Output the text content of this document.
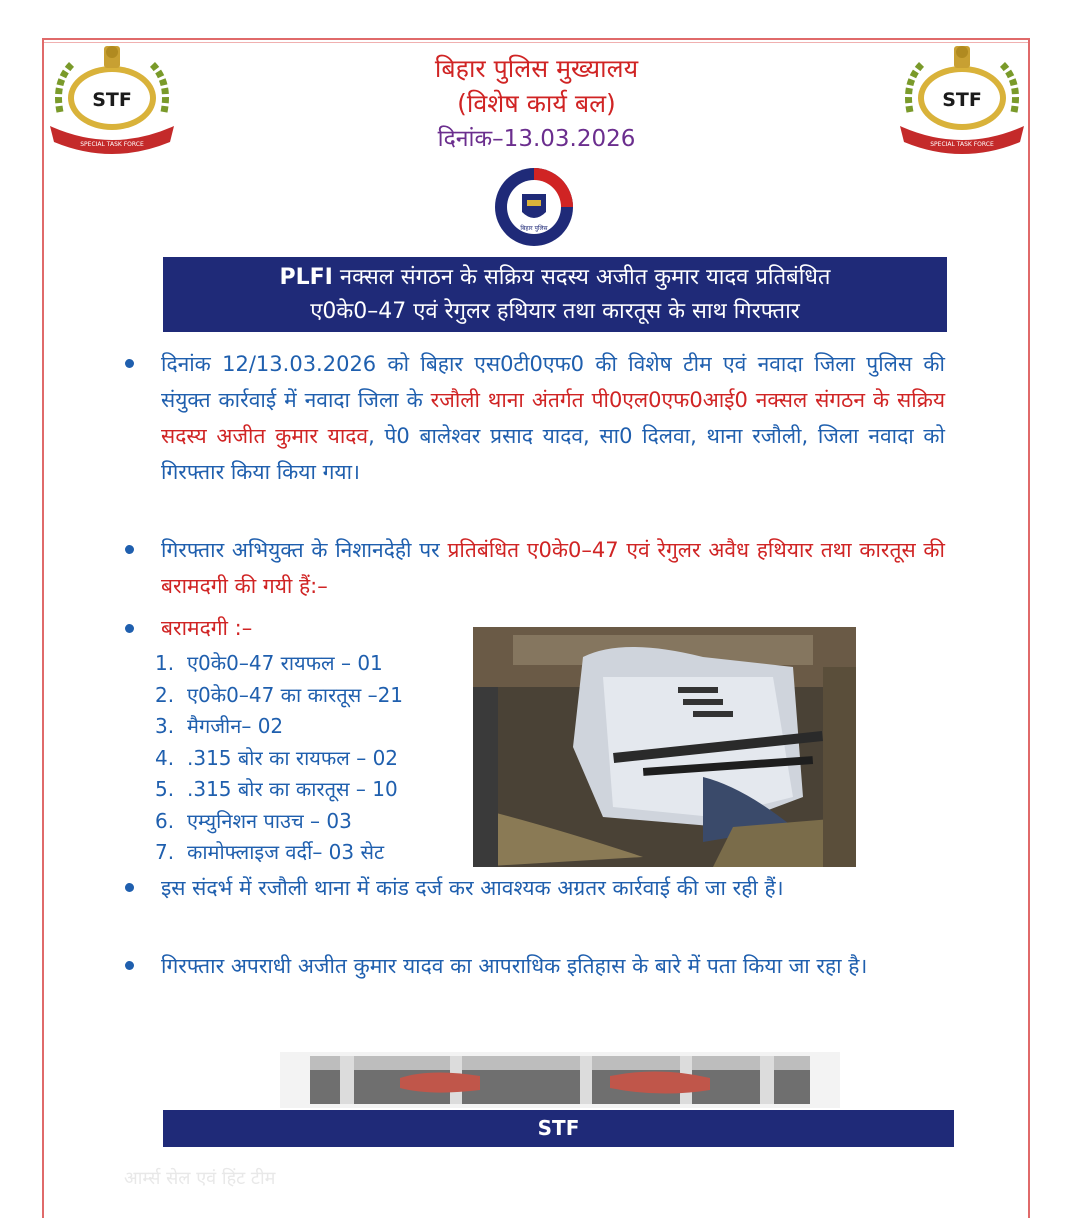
STF
SPECIAL TASK FORCE
STF
SPECIAL TASK FORCE
बिहार पुलिस मुख्यालय
(विशेष कार्य बल)
दिनांक–13.03.2026
बिहार पुलिस
PLFI नक्सल संगठन के सक्रिय सदस्य अजीत कुमार यादव प्रतिबंधित
ए0के0–47 एवं रेगुलर हथियार तथा कारतूस के साथ गिरफ्तार
दिनांक 12/13.03.2026 को बिहार एस0टी0एफ0 की विशेष टीम एवं नवादा जिला पुलिस की संयुक्त कार्रवाई में नवादा जिला के रजौली थाना अंतर्गत पी0एल0एफ0आई0 नक्सल संगठन के सक्रिय सदस्य अजीत कुमार यादव, पे0 बालेश्वर प्रसाद यादव, सा0 दिलवा, थाना रजौली, जिला नवादा को गिरफ्तार किया किया गया।
गिरफ्तार अभियुक्त के निशानदेही पर प्रतिबंधित ए0के0–47 एवं रेगुलर अवैध हथियार तथा कारतूस की बरामदगी की गयी हैं:–
बरामदगी :–
1. ए0के0–47 रायफल – 01
2. ए0के0–47 का कारतूस –21
3. मैगजीन– 02
4. .315 बोर का रायफल – 02
5. .315 बोर का कारतूस – 10
6. एम्युनिशन पाउच – 03
7. कामोफ्लाइज वर्दी– 03 सेट
इस संदर्भ में रजौली थाना में कांड दर्ज कर आवश्यक अग्रतर कार्रवाई की जा रही हैं।
गिरफ्तार अपराधी अजीत कुमार यादव का आपराधिक इतिहास के बारे में पता किया जा रहा है।
STF
आर्म्स सेल एवं हिंट टीम
